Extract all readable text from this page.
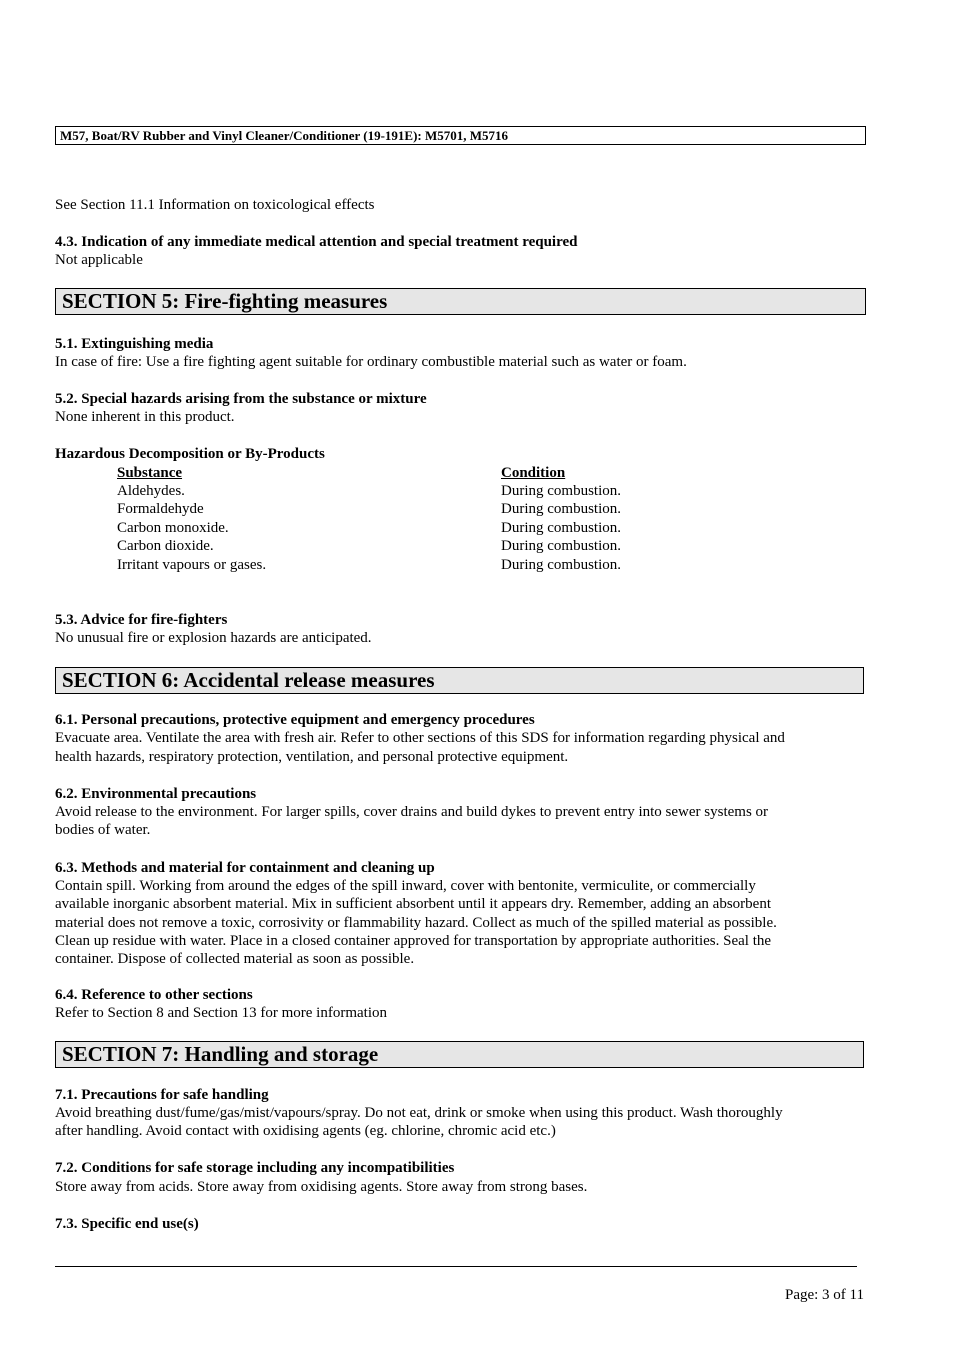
M57, Boat/RV Rubber and Vinyl Cleaner/Conditioner (19-191E): M5701, M5716
See Section 11.1 Information on toxicological effects
4.3. Indication of any immediate medical attention and special treatment required
Not applicable
SECTION 5: Fire-fighting measures
5.1. Extinguishing media
In case of fire: Use a fire fighting agent suitable for ordinary combustible material such as water or foam.
5.2. Special hazards arising from the substance or mixture
None inherent in this product.
Hazardous Decomposition or By-Products
Substance	Condition
Aldehydes.	During combustion.
Formaldehyde	During combustion.
Carbon monoxide.	During combustion.
Carbon dioxide.	During combustion.
Irritant vapours or gases.	During combustion.
5.3. Advice for fire-fighters
No unusual fire or explosion hazards are anticipated.
SECTION 6: Accidental release measures
6.1. Personal precautions, protective equipment and emergency procedures
Evacuate area. Ventilate the area with fresh air. Refer to other sections of this SDS for information regarding physical and
health hazards, respiratory protection, ventilation, and personal protective equipment.
6.2. Environmental precautions
Avoid release to the environment. For larger spills, cover drains and build dykes to prevent entry into sewer systems or
bodies of water.
6.3. Methods and material for containment and cleaning up
Contain spill. Working from around the edges of the spill inward, cover with bentonite, vermiculite, or commercially
available inorganic absorbent material. Mix in sufficient absorbent until it appears dry. Remember, adding an absorbent
material does not remove a toxic, corrosivity or flammability hazard. Collect as much of the spilled material as possible.
Clean up residue with water. Place in a closed container approved for transportation by appropriate authorities. Seal the
container. Dispose of collected material as soon as possible.
6.4. Reference to other sections
Refer to Section 8 and Section 13 for more information
SECTION 7: Handling and storage
7.1. Precautions for safe handling
Avoid breathing dust/fume/gas/mist/vapours/spray. Do not eat, drink or smoke when using this product. Wash thoroughly
after handling. Avoid contact with oxidising agents (eg. chlorine, chromic acid etc.)
7.2. Conditions for safe storage including any incompatibilities
Store away from acids. Store away from oxidising agents. Store away from strong bases.
7.3. Specific end use(s)
Page: 3 of 11
